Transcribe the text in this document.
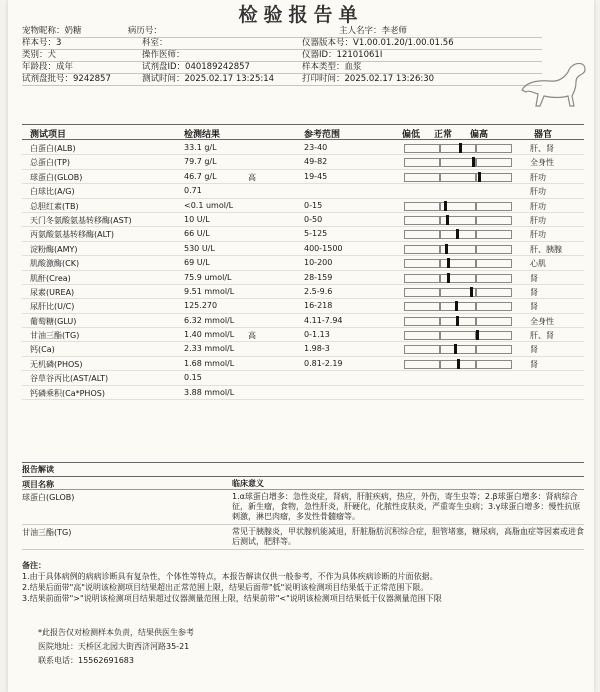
检验报告单
宠物昵称：奶糖	病历号：	主人名字：李老师
样本号：3	科室：	仪器版本号：V1.00.01.20/1.00.01.56
类别：犬	操作医师：	仪器ID：12101061I
年龄段：成年	试剂盘ID：040189242857	样本类型：血浆
试剂盘批号：9242857	测试时间：2025.02.17 13:25:14	打印时间：2025.02.17 13:26:30
测试项目	检测结果	参考范围	偏低 正常 偏高	器官
白蛋白(ALB)	33.1 g/L	23-40	肝、肾
总蛋白(TP)	79.7 g/L	49-82	全身性
球蛋白(GLOB)	46.7 g/L	高	19-45	肝功
白球比(A/G)	0.71	肝功
总胆红素(TB)	<0.1 umol/L	0-15	肝功
天门冬氨酸氨基转移酶(AST)	10 U/L	0-50	肝功
丙氨酸氨基转移酶(ALT)	66 U/L	5-125	肝功
淀粉酶(AMY)	530 U/L	400-1500	肝、胰腺
肌酸激酶(CK)	69 U/L	10-200	心肌
肌酐(Crea)	75.9 umol/L	28-159	肾
尿素(UREA)	9.51 mmol/L	2.5-9.6	肾
尿肝比(U/C)	125.270	16-218	肾
葡萄糖(GLU)	6.32 mmol/L	4.11-7.94	全身性
甘油三酯(TG)	1.40 mmol/L 高	0-1.13	肝、肾
钙(Ca)	2.33 mmol/L	1.98-3	肾
无机磷(PHOS)	1.68 mmol/L	0.81-2.19	肾
谷草谷丙比(AST/ALT)	0.15
钙磷乘积(Ca*PHOS)	3.88 mmol/L
报告解读
项目名称	临床意义
球蛋白(GLOB)	1.α球蛋白增多：急性炎症，肾病，肝脏疾病，热应，外伤，寄生虫等；2.β球蛋白增多：肾病综合征，新生瘤，食物，急性肝炎，肝硬化，化脓性皮肤炎，严重寄生虫病；3.γ球蛋白增多：慢性抗原刺激，淋巴肉瘤，多发性骨髓瘤等。
甘油三酯(TG)	常见于胰腺炎，甲状腺机能减退，肝脏脂肪沉积综合症，胆管堵塞，糖尿病，高脂血症等因素或进食后测试，肥胖等。
备注：
1.由于具体病例的病病诊断具有复杂性，个体性等特点，本报告解读仅供一般参考，不作为具体疾病诊断的片面依据。
2.结果后面带"高"说明该检测项目结果超出正常范围上限，结果后面带"低"说明该检测项目结果低于正常范围下限。
3.结果前面带">"说明该检测项目结果超过仪器测量范围上限，结果前带"<"说明该检测项目结果低于仪器测量范围下限
*此报告仅对检测样本负责，结果供医生参考
医院地址：天桥区北园大街西济河路35-21
联系电话：15562691683
